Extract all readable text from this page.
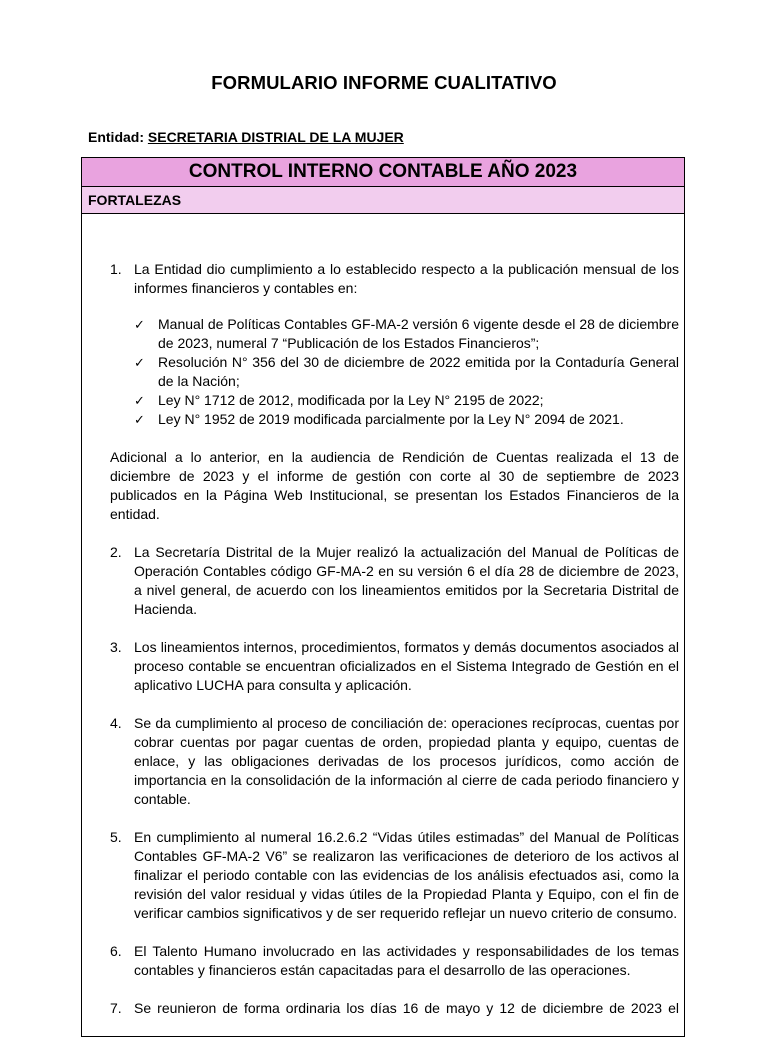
FORMULARIO INFORME CUALITATIVO
Entidad: SECRETARIA DISTRIAL DE LA MUJER
CONTROL INTERNO CONTABLE AÑO 2023
FORTALEZAS
1. La Entidad dio cumplimiento a lo establecido respecto a la publicación mensual de los informes financieros y contables en:
✓ Manual de Políticas Contables GF-MA-2 versión 6 vigente desde el 28 de diciembre de 2023, numeral 7 “Publicación de los Estados Financieros”;
✓ Resolución N° 356 del 30 de diciembre de 2022 emitida por la Contaduría General de la Nación;
✓ Ley N° 1712 de 2012, modificada por la Ley N° 2195 de 2022;
✓ Ley N° 1952 de 2019 modificada parcialmente por la Ley N° 2094 de 2021.
Adicional a lo anterior, en la audiencia de Rendición de Cuentas realizada el 13 de diciembre de 2023 y el informe de gestión con corte al 30 de septiembre de 2023 publicados en la Página Web Institucional, se presentan los Estados Financieros de la entidad.
2. La Secretaría Distrital de la Mujer realizó la actualización del Manual de Políticas de Operación Contables código GF-MA-2 en su versión 6 el día 28 de diciembre de 2023, a nivel general, de acuerdo con los lineamientos emitidos por la Secretaria Distrital de Hacienda.
3. Los lineamientos internos, procedimientos, formatos y demás documentos asociados al proceso contable se encuentran oficializados en el Sistema Integrado de Gestión en el aplicativo LUCHA para consulta y aplicación.
4. Se da cumplimiento al proceso de conciliación de: operaciones recíprocas, cuentas por cobrar cuentas por pagar cuentas de orden, propiedad planta y equipo, cuentas de enlace, y las obligaciones derivadas de los procesos jurídicos, como acción de importancia en la consolidación de la información al cierre de cada periodo financiero y contable.
5. En cumplimiento al numeral 16.2.6.2 “Vidas útiles estimadas” del Manual de Políticas Contables GF-MA-2 V6” se realizaron las verificaciones de deterioro de los activos al finalizar el periodo contable con las evidencias de los análisis efectuados asi, como la revisión del valor residual y vidas útiles de la Propiedad Planta y Equipo, con el fin de verificar cambios significativos y de ser requerido reflejar un nuevo criterio de consumo.
6. El Talento Humano involucrado en las actividades y responsabilidades de los temas contables y financieros están capacitadas para el desarrollo de las operaciones.
7. Se reunieron de forma ordinaria los días 16 de mayo y 12 de diciembre de 2023 el
